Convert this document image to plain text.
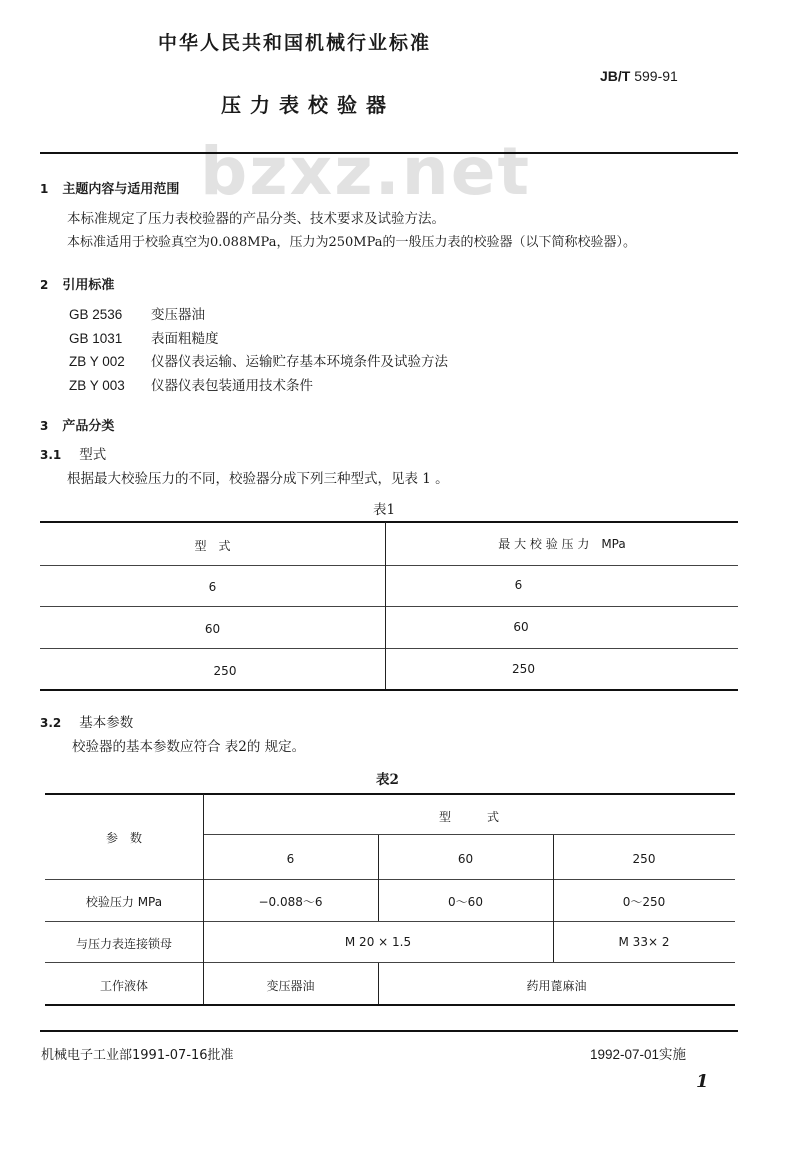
中华人民共和国机械行业标准
JB/T 599-91
压力表校验器
bzxz.net
1 主题内容与适用范围
本标准规定了压力表校验器的产品分类、技术要求及试验方法。
本标准适用于校验真空为0.088MPa，压力为250MPa的一般压力表的校验器（以下简称校验器）。
2 引用标准
GB 2536 变压器油
GB 1031 表面粗糙度
ZB Y 002 仪器仪表运输、运输贮存基本环境条件及试验方法
ZB Y 003 仪器仪表包装通用技术条件
3 产品分类
3.1 型式
根据最大校验压力的不同，校验器分成下列三种型式，见表 1 。
表1
型　式	最 大 校 验 压 力　MPa
6	6
60	60
250	250
3.2 基本参数
校验器的基本参数应符合 表2的 规定。
表2
参　数
型　　　式
6	60	250
校验压力 MPa	−0.088～6	0～60	0～250
与压力表连接锁母	M 20 × 1.5	M 33× 2
工作液体	变压器油	药用蓖麻油
机械电子工业部1991-07-16批准	1992-07-01实施
1
